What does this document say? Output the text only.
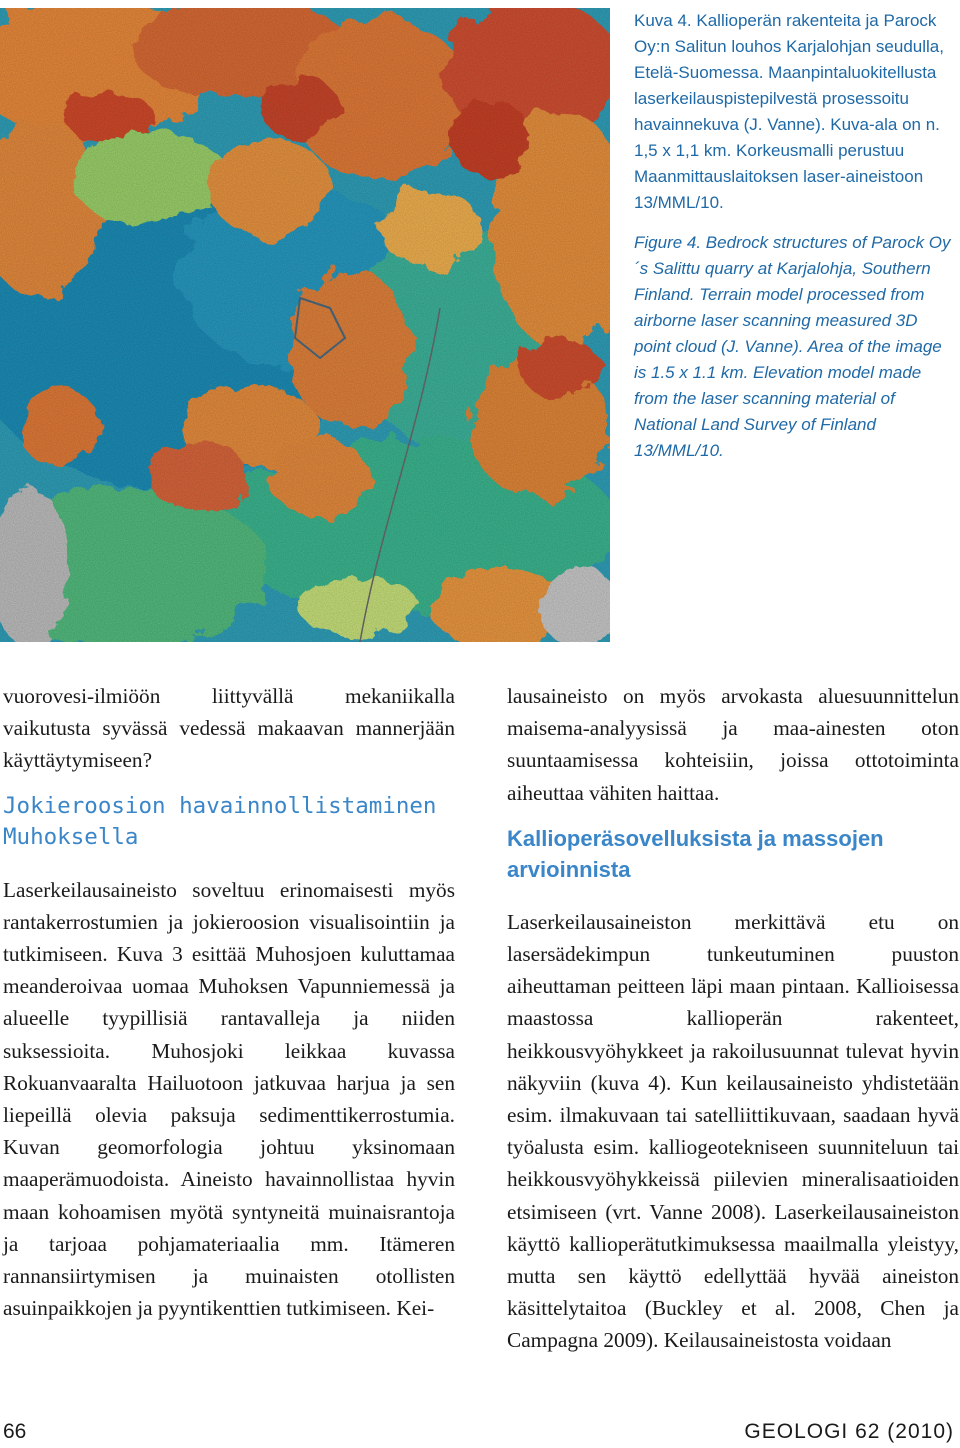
Kuva 4. Kallioperän rakenteita ja Parock Oy:n Salitun louhos Karjalohjan seudulla, Etelä-Suomessa. Maanpintaluokitellusta laserkeilauspistepilvestä prosessoitu havainnekuva (J. Vanne). Kuva-ala on n. 1,5 x 1,1 km. Korkeusmalli perustuu Maanmittauslaitoksen laser-aineistoon 13/MML/10.

Figure 4. Bedrock structures of Parock Oy´s Salittu quarry at Karjalohja, Southern Finland. Terrain model processed from airborne laser scanning measured 3D point cloud (J. Vanne). Area of the image is 1.5 x 1.1 km. Elevation model made from the laser scanning material of National Land Survey of Finland 13/MML/10.

vuorovesi-ilmiöön liittyvällä mekaniikalla vaikutusta syvässä vedessä makaavan mannerjään käyttäytymiseen?

Jokieroosion havainnollistaminen Muhoksella

Laserkeilausaineisto soveltuu erinomaisesti myös rantakerrostumien ja jokieroosion visualisointiin ja tutkimiseen. Kuva 3 esittää Muhosjoen kuluttamaa meanderoivaa uomaa Muhoksen Vapunniemessä ja alueelle tyypillisiä rantavalleja ja niiden suksessioita. Muhosjoki leikkaa kuvassa Rokuanvaaralta Hailuotoon jatkuvaa harjua ja sen liepeillä olevia paksuja sedimenttikerrostumia. Kuvan geomorfologia johtuu yksinomaan maaperämuodoista. Aineisto havainnollistaa hyvin maan kohoamisen myötä syntyneitä muinaisrantoja ja tarjoaa pohjamateriaalia mm. Itämeren rannansiirtymisen ja muinaisten otollisten asuinpaikkojen ja pyyntikenttien tutkimiseen. Kei-

lausaineisto on myös arvokasta aluesuunnittelun maisema-analyysissä ja maa-ainesten oton suuntaamisessa kohteisiin, joissa ottotoiminta aiheuttaa vähiten haittaa.

Kallioperäsovelluksista ja massojen arvioinnista

Laserkeilausaineiston merkittävä etu on lasersädekimpun tunkeutuminen puuston aiheuttaman peitteen läpi maan pintaan. Kallioisessa maastossa kallioperän rakenteet, heikkousvyöhykkeet ja rakoilusuunnat tulevat hyvin näkyviin (kuva 4). Kun keilausaineisto yhdistetään esim. ilmakuvaan tai satelliittikuvaan, saadaan hyvä työalusta esim. kalliogeotekniseen suunniteluun tai heikkousvyöhykkeissä piilevien mineralisaatioiden etsimiseen (vrt. Vanne 2008). Laserkeilausaineiston käyttö kallioperätutkimuksessa maailmalla yleistyy, mutta sen käyttö edellyttää hyvää aineiston käsittelytaitoa (Buckley et al. 2008, Chen ja Campagna 2009). Keilausaineistosta voidaan

66	GEOLOGI 62 (2010)
